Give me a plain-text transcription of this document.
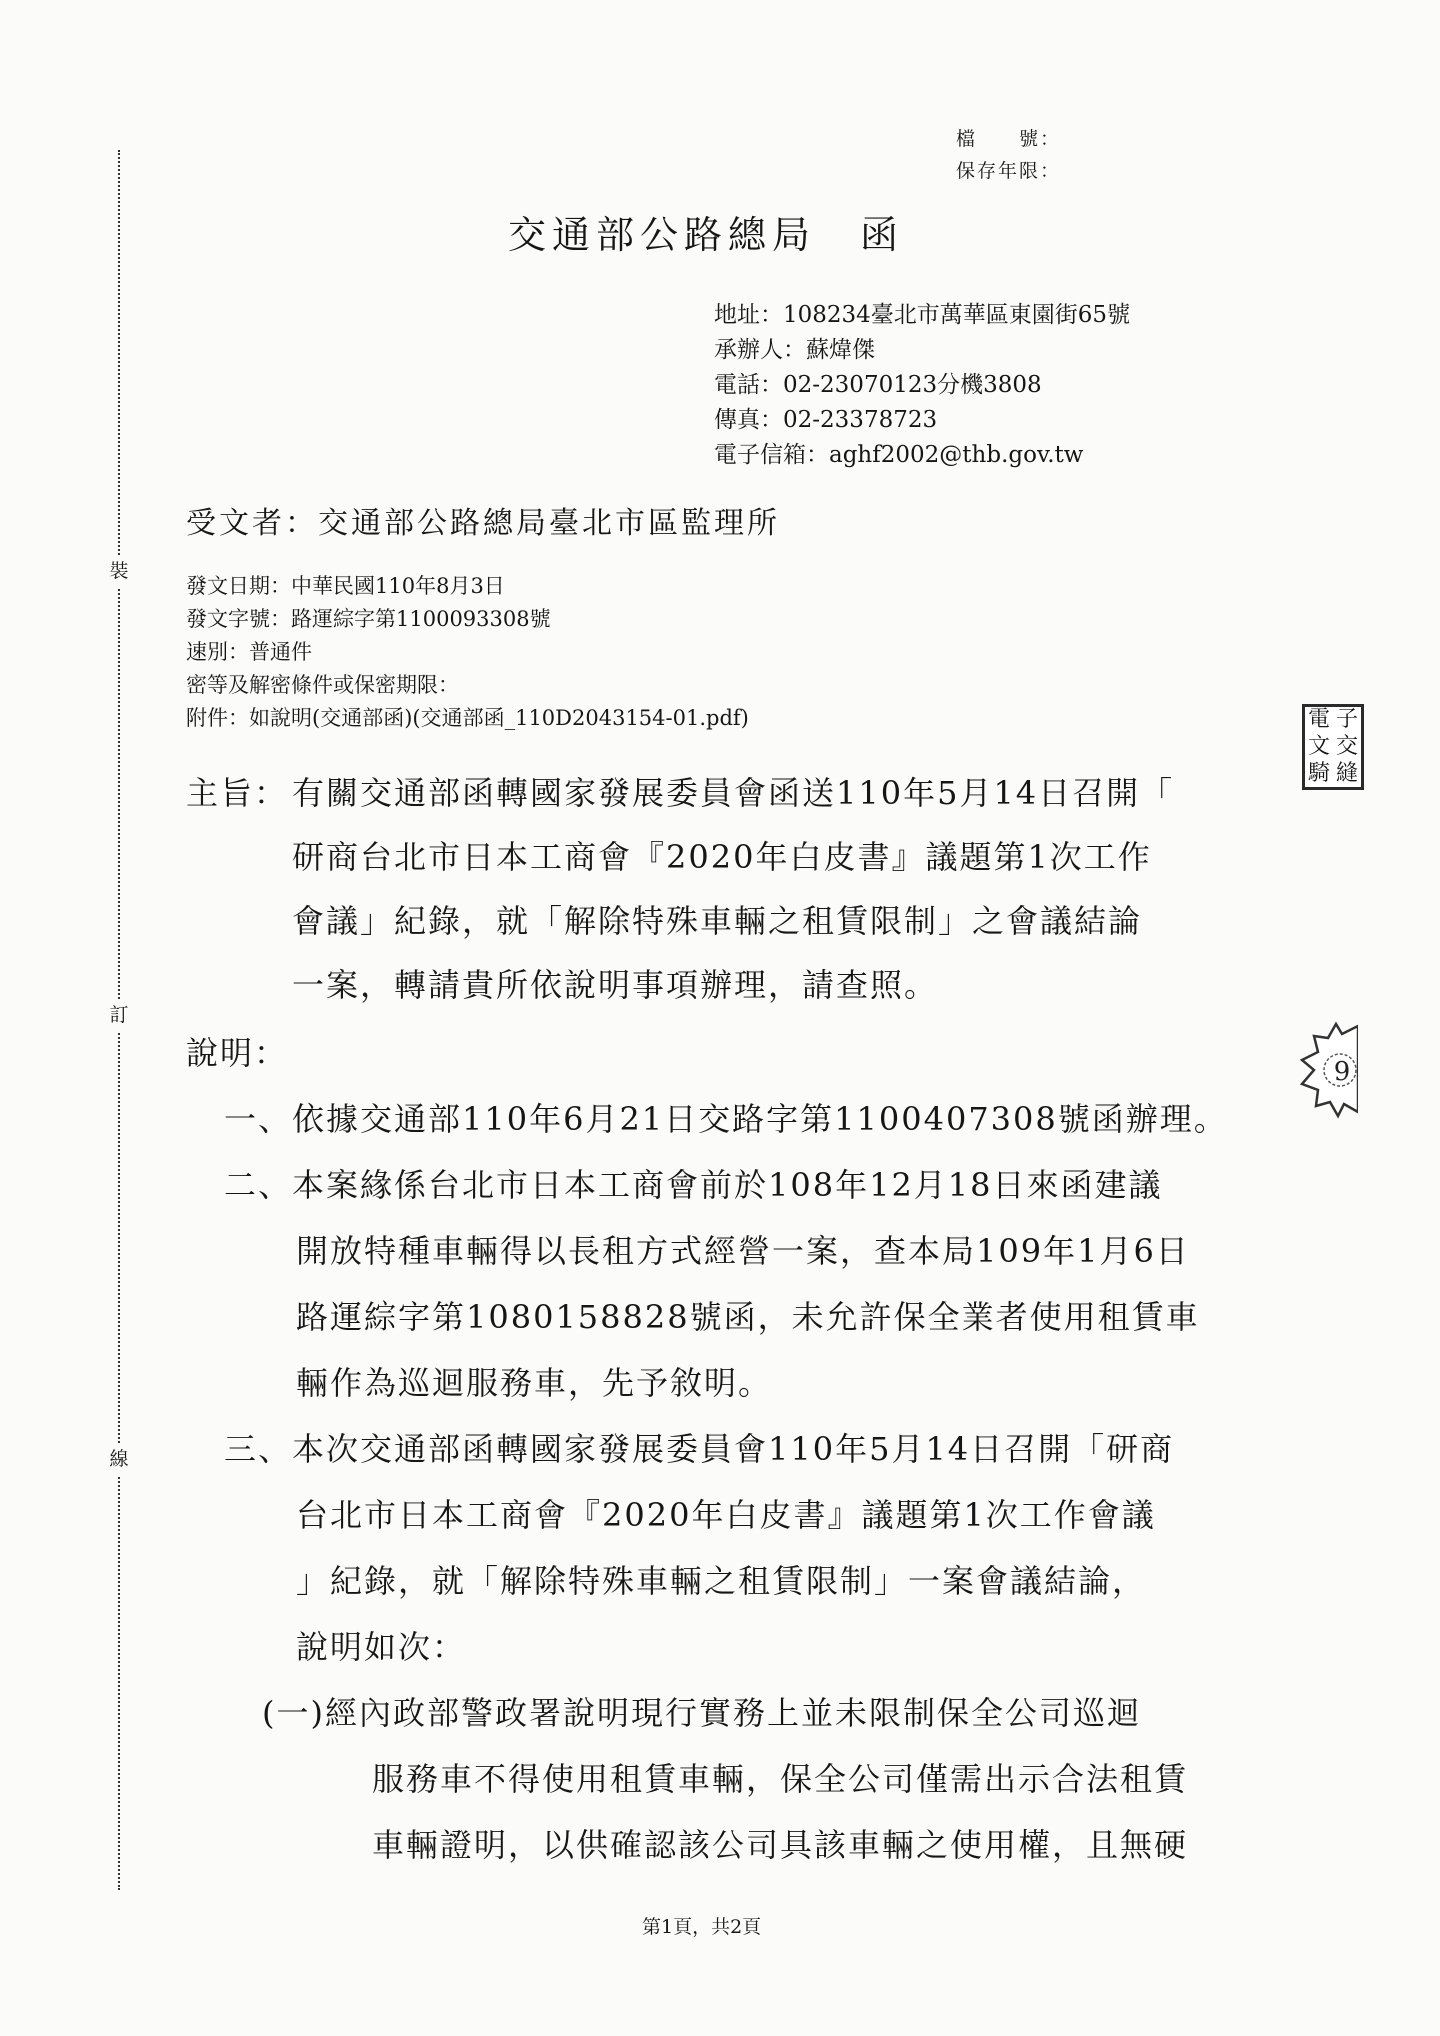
裝
訂
線
檔　　號：
保存年限：
交通部公路總局　函
地址：108234臺北市萬華區東園街65號
承辦人：蘇煒傑
電話：02-23070123分機3808
傳真：02-23378723
電子信箱：aghf2002@thb.gov.tw
受文者：交通部公路總局臺北市區監理所
發文日期：中華民國110年8月3日
發文字號：路運綜字第1100093308號
速別：普通件
密等及解密條件或保密期限：
附件：如說明(交通部函)(交通部函_110D2043154-01.pdf)
主旨： 有關交通部函轉國家發展委員會函送110年5月14日召開「
研商台北市日本工商會『2020年白皮書』議題第1次工作
會議」紀錄，就「解除特殊車輛之租賃限制」之會議結論
一案，轉請貴所依說明事項辦理，請查照。
說明：
一、依據交通部110年6月21日交路字第1100407308號函辦理。
二、本案緣係台北市日本工商會前於108年12月18日來函建議
開放特種車輛得以長租方式經營一案，查本局109年1月6日
路運綜字第1080158828號函，未允許保全業者使用租賃車
輛作為巡迴服務車，先予敘明。
三、本次交通部函轉國家發展委員會110年5月14日召開「研商
台北市日本工商會『2020年白皮書』議題第1次工作會議
」紀錄，就「解除特殊車輛之租賃限制」一案會議結論，
說明如次：
(一)經內政部警政署說明現行實務上並未限制保全公司巡迴
服務車不得使用租賃車輛，保全公司僅需出示合法租賃
車輛證明，以供確認該公司具該車輛之使用權，且無硬
電 子
文 交
騎 縫
9
第1頁，共2頁
